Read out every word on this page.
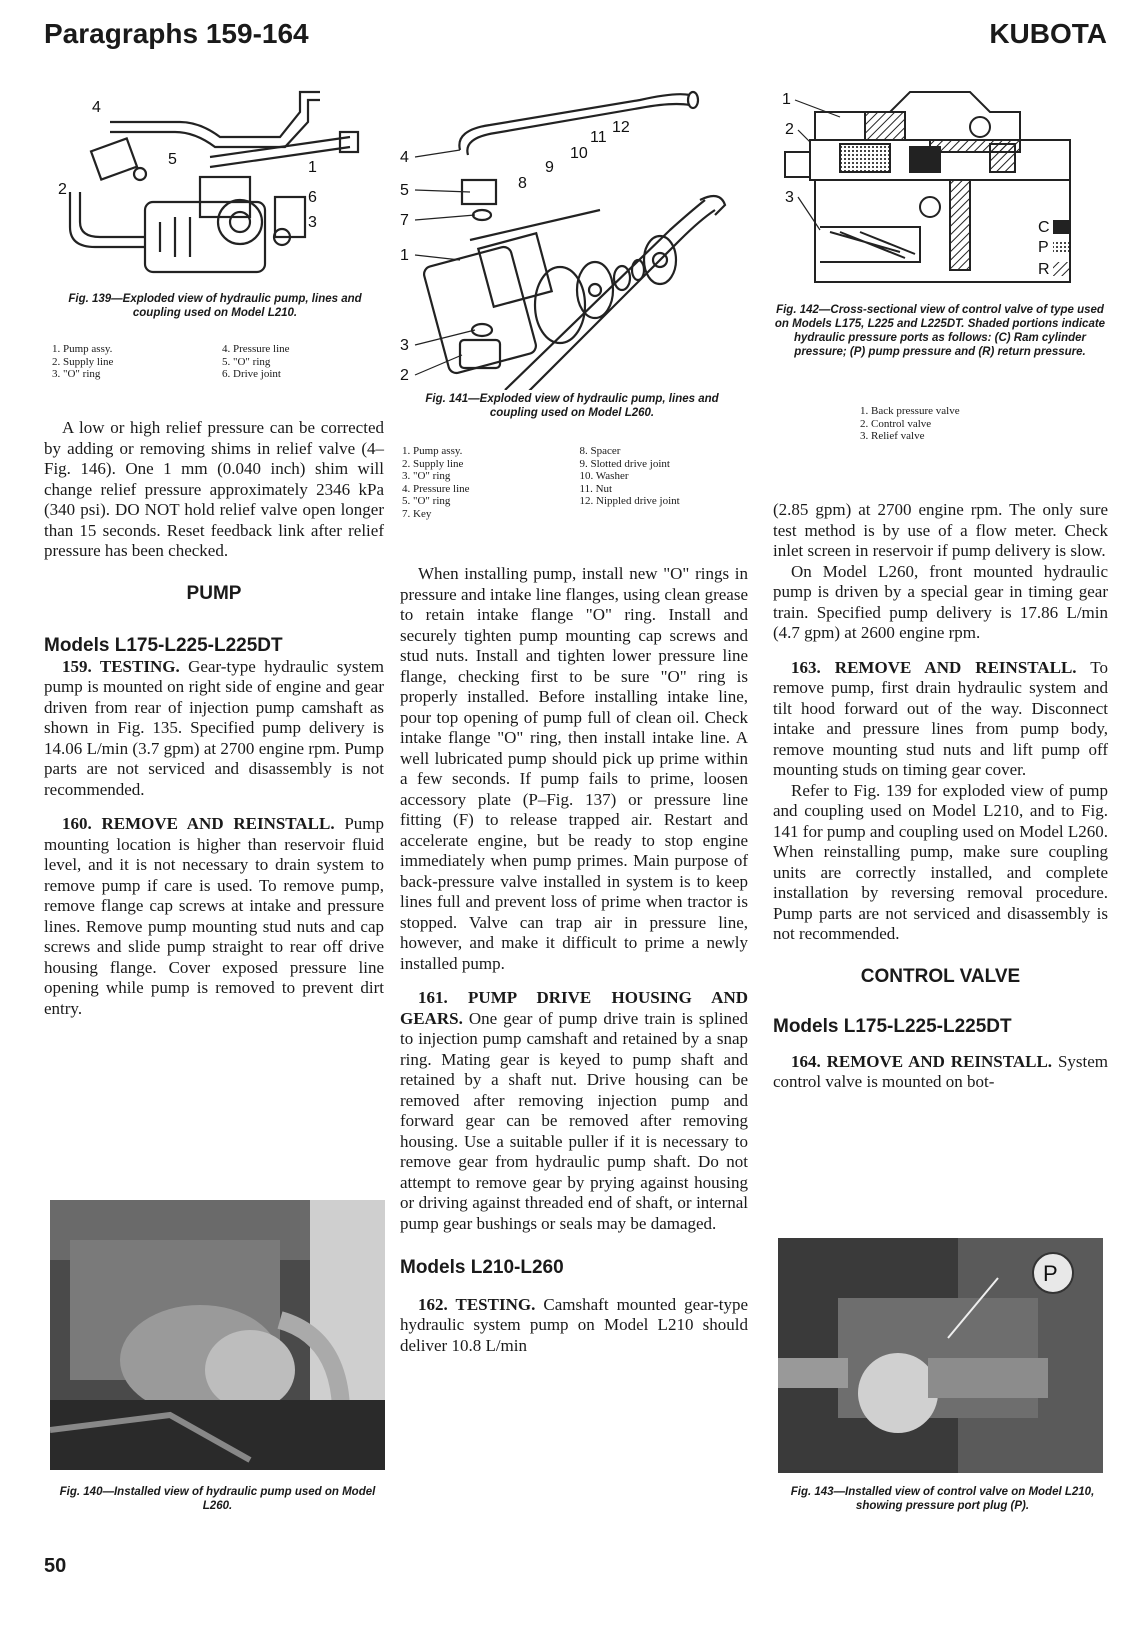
Paragraphs 159-164	KUBOTA
4
5	1
2	6
3
Fig. 139—Exploded view of hydraulic pump, lines and coupling used on Model L210.
1. Pump assy.	4. Pressure line
2. Supply line	5. "O" ring
3. "O" ring	6. Drive joint
12
11
10
9
8
4
5
7
1
3
2
Fig. 141—Exploded view of hydraulic pump, lines and coupling used on Model L260.
1. Pump assy.	8. Spacer
2. Supply line	9. Slotted drive joint
3. "O" ring	10. Washer
4. Pressure line	11. Nut
5. "O" ring	12. Nippled drive joint
7. Key
1
2
3
C
P
R
Fig. 142—Cross-sectional view of control valve of type used on Models L175, L225 and L225DT. Shaded portions indicate hydraulic pressure ports as follows: (C) Ram cylinder pressure; (P) pump pressure and (R) return pressure.
1. Back pressure valve
2. Control valve
3. Relief valve

A low or high relief pressure can be corrected by adding or removing shims in relief valve (4–Fig. 146). One 1 mm (0.040 inch) shim will change relief pressure approximately 2346 kPa (340 psi). DO NOT hold relief valve open longer than 15 seconds. Reset feedback link after relief pressure has been checked.

PUMP
Models L175-L225-L225DT

159. TESTING. Gear-type hydraulic system pump is mounted on right side of engine and gear driven from rear of injection pump camshaft as shown in Fig. 135. Specified pump delivery is 14.06 L/min (3.7 gpm) at 2700 engine rpm. Pump parts are not serviced and disassembly is not recommended.

160. REMOVE AND REINSTALL. Pump mounting location is higher than reservoir fluid level, and it is not necessary to drain system to remove pump if care is used. To remove pump, remove flange cap screws at intake and pressure lines. Remove pump mounting stud nuts and cap screws and slide pump straight to rear off drive housing flange. Cover exposed pressure line opening while pump is removed to prevent dirt entry.

Fig. 140—Installed view of hydraulic pump used on Model L260.

When installing pump, install new "O" rings in pressure and intake line flanges, using clean grease to retain intake flange "O" ring. Install and securely tighten pump mounting cap screws and stud nuts. Install and tighten lower pressure line flange, checking first to be sure "O" ring is properly installed. Before installing intake line, pour top opening of pump full of clean oil. Check intake flange "O" ring, then install intake line. A well lubricated pump should pick up prime within a few seconds. If pump fails to prime, loosen accessory plate (P–Fig. 137) or pressure line fitting (F) to release trapped air. Restart and accelerate engine, but be ready to stop engine immediately when pump primes. Main purpose of back-pressure valve installed in system is to keep lines full and prevent loss of prime when tractor is stopped. Valve can trap air in pressure line, however, and make it difficult to prime a newly installed pump.

161. PUMP DRIVE HOUSING AND GEARS. One gear of pump drive train is splined to injection pump camshaft and retained by a snap ring. Mating gear is keyed to pump shaft and retained by a shaft nut. Drive housing can be removed after removing injection pump and forward gear can be removed after removing housing. Use a suitable puller if it is necessary to remove gear from hydraulic pump shaft. Do not attempt to remove gear by prying against housing or driving against threaded end of shaft, or internal pump gear bushings or seals may be damaged.

Models L210-L260

162. TESTING. Camshaft mounted gear-type hydraulic system pump on Model L210 should deliver 10.8 L/min

(2.85 gpm) at 2700 engine rpm. The only sure test method is by use of a flow meter. Check inlet screen in reservoir if pump delivery is slow.

On Model L260, front mounted hydraulic pump is driven by a special gear in timing gear train. Specified pump delivery is 17.86 L/min (4.7 gpm) at 2600 engine rpm.

163. REMOVE AND REINSTALL. To remove pump, first drain hydraulic system and tilt hood forward out of the way. Disconnect intake and pressure lines from pump body, remove mounting stud nuts and lift pump off mounting studs on timing gear cover.

Refer to Fig. 139 for exploded view of pump and coupling used on Model L210, and to Fig. 141 for pump and coupling used on Model L260. When reinstalling pump, make sure coupling units are correctly installed, and complete installation by reversing removal procedure. Pump parts are not serviced and disassembly is not recommended.

CONTROL VALVE
Models L175-L225-L225DT

164. REMOVE AND REINSTALL. System control valve is mounted on bot-

P
Fig. 143—Installed view of control valve on Model L210, showing pressure port plug (P).
50
